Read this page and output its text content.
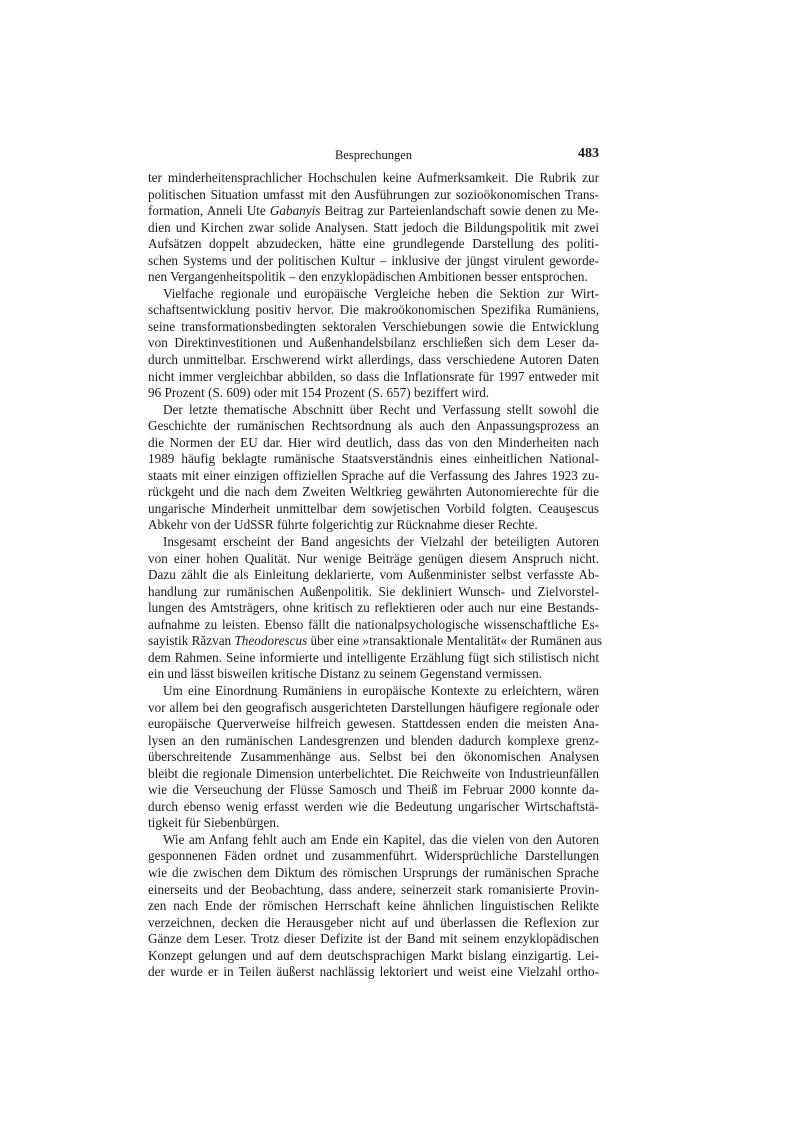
Besprechungen	483
ter minderheitensprachlicher Hochschulen keine Aufmerksamkeit. Die Rubrik zur
politischen Situation umfasst mit den Ausführungen zur sozioökonomischen Trans-
formation, Anneli Ute Gabanyis Beitrag zur Parteienlandschaft sowie denen zu Me-
dien und Kirchen zwar solide Analysen. Statt jedoch die Bildungspolitik mit zwei
Aufsätzen doppelt abzudecken, hätte eine grundlegende Darstellung des politi-
schen Systems und der politischen Kultur – inklusive der jüngst virulent geworde-
nen Vergangenheitspolitik – den enzyklopädischen Ambitionen besser entsprochen.
Vielfache regionale und europäische Vergleiche heben die Sektion zur Wirt-
schaftsentwicklung positiv hervor. Die makroökonomischen Spezifika Rumäniens,
seine transformationsbedingten sektoralen Verschiebungen sowie die Entwicklung
von Direktinvestitionen und Außenhandelsbilanz erschließen sich dem Leser da-
durch unmittelbar. Erschwerend wirkt allerdings, dass verschiedene Autoren Daten
nicht immer vergleichbar abbilden, so dass die Inflationsrate für 1997 entweder mit
96 Prozent (S. 609) oder mit 154 Prozent (S. 657) beziffert wird.
Der letzte thematische Abschnitt über Recht und Verfassung stellt sowohl die
Geschichte der rumänischen Rechtsordnung als auch den Anpassungsprozess an
die Normen der EU dar. Hier wird deutlich, dass das von den Minderheiten nach
1989 häufig beklagte rumänische Staatsverständnis eines einheitlichen National-
staats mit einer einzigen offiziellen Sprache auf die Verfassung des Jahres 1923 zu-
rückgeht und die nach dem Zweiten Weltkrieg gewährten Autonomierechte für die
ungarische Minderheit unmittelbar dem sowjetischen Vorbild folgten. Ceauşescus
Abkehr von der UdSSR führte folgerichtig zur Rücknahme dieser Rechte.
Insgesamt erscheint der Band angesichts der Vielzahl der beteiligten Autoren
von einer hohen Qualität. Nur wenige Beiträge genügen diesem Anspruch nicht.
Dazu zählt die als Einleitung deklarierte, vom Außenminister selbst verfasste Ab-
handlung zur rumänischen Außenpolitik. Sie dekliniert Wunsch- und Zielvorstel-
lungen des Amtsträgers, ohne kritisch zu reflektieren oder auch nur eine Bestands-
aufnahme zu leisten. Ebenso fällt die nationalpsychologische wissenschaftliche Es-
sayistik Răzvan Theodorescus über eine »transaktionale Mentalität« der Rumänen aus
dem Rahmen. Seine informierte und intelligente Erzählung fügt sich stilistisch nicht
ein und lässt bisweilen kritische Distanz zu seinem Gegenstand vermissen.
Um eine Einordnung Rumäniens in europäische Kontexte zu erleichtern, wären
vor allem bei den geografisch ausgerichteten Darstellungen häufigere regionale oder
europäische Querverweise hilfreich gewesen. Stattdessen enden die meisten Ana-
lysen an den rumänischen Landesgrenzen und blenden dadurch komplexe grenz-
überschreitende Zusammenhänge aus. Selbst bei den ökonomischen Analysen
bleibt die regionale Dimension unterbelichtet. Die Reichweite von Industrieunfällen
wie die Verseuchung der Flüsse Samosch und Theiß im Februar 2000 konnte da-
durch ebenso wenig erfasst werden wie die Bedeutung ungarischer Wirtschaftstä-
tigkeit für Siebenbürgen.
Wie am Anfang fehlt auch am Ende ein Kapitel, das die vielen von den Autoren
gesponnenen Fäden ordnet und zusammenführt. Widersprüchliche Darstellungen
wie die zwischen dem Diktum des römischen Ursprungs der rumänischen Sprache
einerseits und der Beobachtung, dass andere, seinerzeit stark romanisierte Provin-
zen nach Ende der römischen Herrschaft keine ähnlichen linguistischen Relikte
verzeichnen, decken die Herausgeber nicht auf und überlassen die Reflexion zur
Gänze dem Leser. Trotz dieser Defizite ist der Band mit seinem enzyklopädischen
Konzept gelungen und auf dem deutschsprachigen Markt bislang einzigartig. Lei-
der wurde er in Teilen äußerst nachlässig lektoriert und weist eine Vielzahl ortho-
